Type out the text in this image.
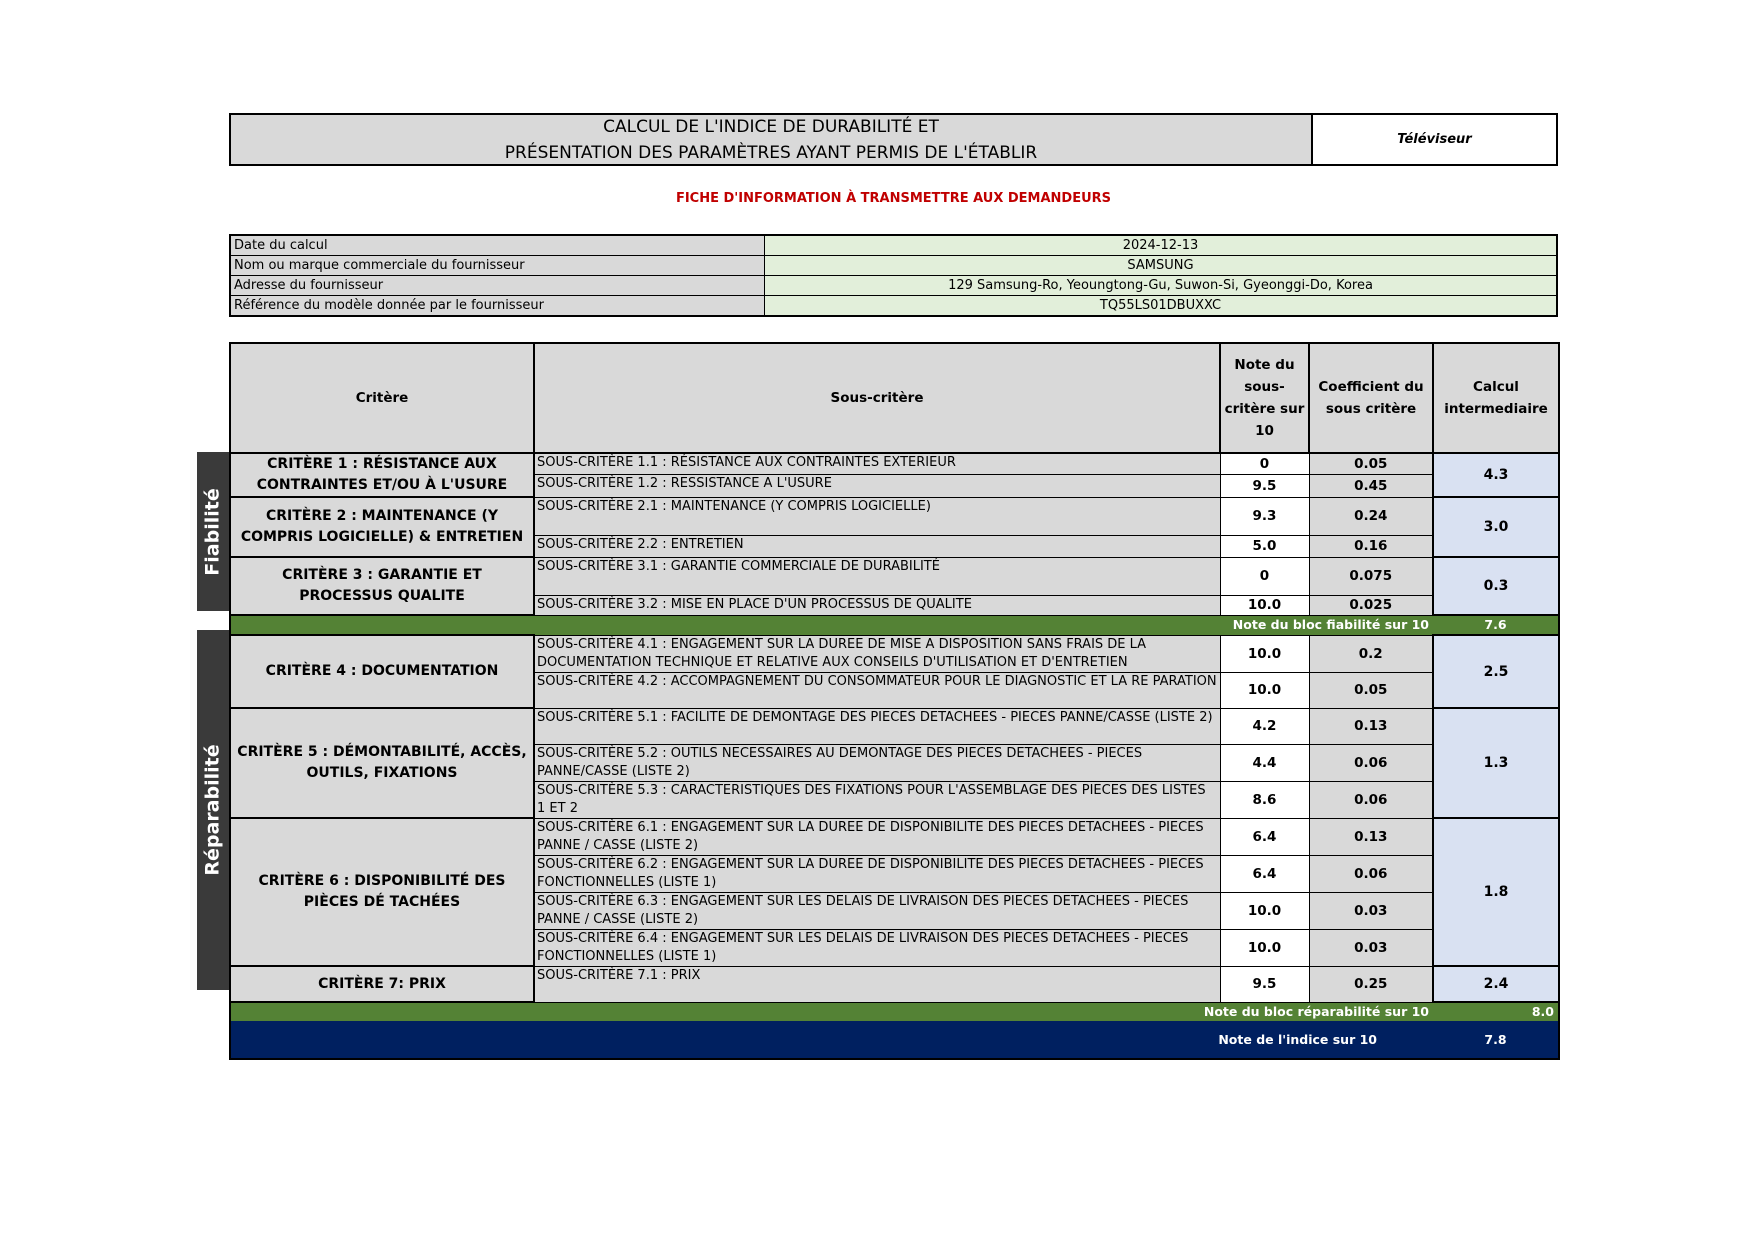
CALCUL DE L'INDICE DE DURABILITÉ ET
PRÉSENTATION DES PARAMÈTRES AYANT PERMIS DE L'ÉTABLIR
Téléviseur
FICHE D'INFORMATION À TRANSMETTRE AUX DEMANDEURS
Date du calcul	2024-12-13
Nom ou marque commerciale du fournisseur	SAMSUNG
Adresse du fournisseur	129 Samsung-Ro, Yeoungtong-Gu, Suwon-Si, Gyeonggi-Do, Korea
Référence du modèle donnée par le fournisseur	TQ55LS01DBUXXC
Fiabilité
Réparabilité
Critère	Sous-critère	Note du sous-critère sur 10	Coefficient du sous critère	Calcul intermediaire
CRITÈRE 1 : RÉSISTANCE AUX CONTRAINTES ET/OU À L'USURE	SOUS-CRITÈRE 1.1 : RÉSISTANCE AUX CONTRAINTES EXTERIEUR	0	0.05	4.3
	SOUS-CRITÈRE 1.2 : RESSISTANCE A L'USURE	9.5	0.45	
CRITÈRE 2 : MAINTENANCE (Y COMPRIS LOGICIELLE) & ENTRETIEN	SOUS-CRITÈRE 2.1 : MAINTENANCE (Y COMPRIS LOGICIELLE)	9.3	0.24	3.0
	SOUS-CRITÈRE 2.2 : ENTRETIEN	5.0	0.16	
CRITÈRE 3 : GARANTIE ET PROCESSUS QUALITE	SOUS-CRITÈRE 3.1 : GARANTIE COMMERCIALE DE DURABILITÉ	0	0.075	0.3
	SOUS-CRITÈRE 3.2 : MISE EN PLACE D'UN PROCESSUS DE QUALITE	10.0	0.025	
Note du bloc fiabilité sur 10				7.6
CRITÈRE 4 : DOCUMENTATION	SOUS-CRITÈRE 4.1 : ENGAGEMENT SUR LA DUREE DE MISE A DISPOSITION SANS FRAIS DE LA DOCUMENTATION TECHNIQUE ET RELATIVE AUX CONSEILS D'UTILISATION ET D'ENTRETIEN	10.0	0.2	2.5
	SOUS-CRITÈRE 4.2 : ACCOMPAGNEMENT DU CONSOMMATEUR POUR LE DIAGNOSTIC ET LA RE PARATION	10.0	0.05	
CRITÈRE 5 : DÉMONTABILITÉ, ACCÈS, OUTILS, FIXATIONS	SOUS-CRITÈRE 5.1 : FACILITE DE DEMONTAGE DES PIECES DETACHEES - PIECES PANNE/CASSE (LISTE 2)	4.2	0.13	1.3
	SOUS-CRITÈRE 5.2 : OUTILS NECESSAIRES AU DEMONTAGE DES PIECES DETACHEES - PIECES PANNE/CASSE (LISTE 2)	4.4	0.06	
	SOUS-CRITÈRE 5.3 : CARACTERISTIQUES DES FIXATIONS POUR L'ASSEMBLAGE DES PIECES DES LISTES 1 ET 2	8.6	0.06	
CRITÈRE 6 : DISPONIBILITÉ DES PIÈCES DÉ TACHÉES	SOUS-CRITÈRE 6.1 : ENGAGEMENT SUR LA DUREE DE DISPONIBILITE DES PIECES DETACHEES - PIECES PANNE / CASSE (LISTE 2)	6.4	0.13	1.8
	SOUS-CRITÈRE 6.2 : ENGAGEMENT SUR LA DUREE DE DISPONIBILITE DES PIECES DETACHEES - PIECES FONCTIONNELLES (LISTE 1)	6.4	0.06	
	SOUS-CRITÈRE 6.3 : ENGAGEMENT SUR LES DELAIS DE LIVRAISON DES PIECES DETACHEES - PIECES PANNE / CASSE (LISTE 2)	10.0	0.03	
	SOUS-CRITÈRE 6.4 : ENGAGEMENT SUR LES DELAIS DE LIVRAISON DES PIECES DETACHEES - PIECES FONCTIONNELLES (LISTE 1)	10.0	0.03	
CRITÈRE 7: PRIX	SOUS-CRITÈRE 7.1 : PRIX	9.5	0.25	2.4
Note du bloc réparabilité sur 10				8.0
Note de l'indice sur 10				7.8
